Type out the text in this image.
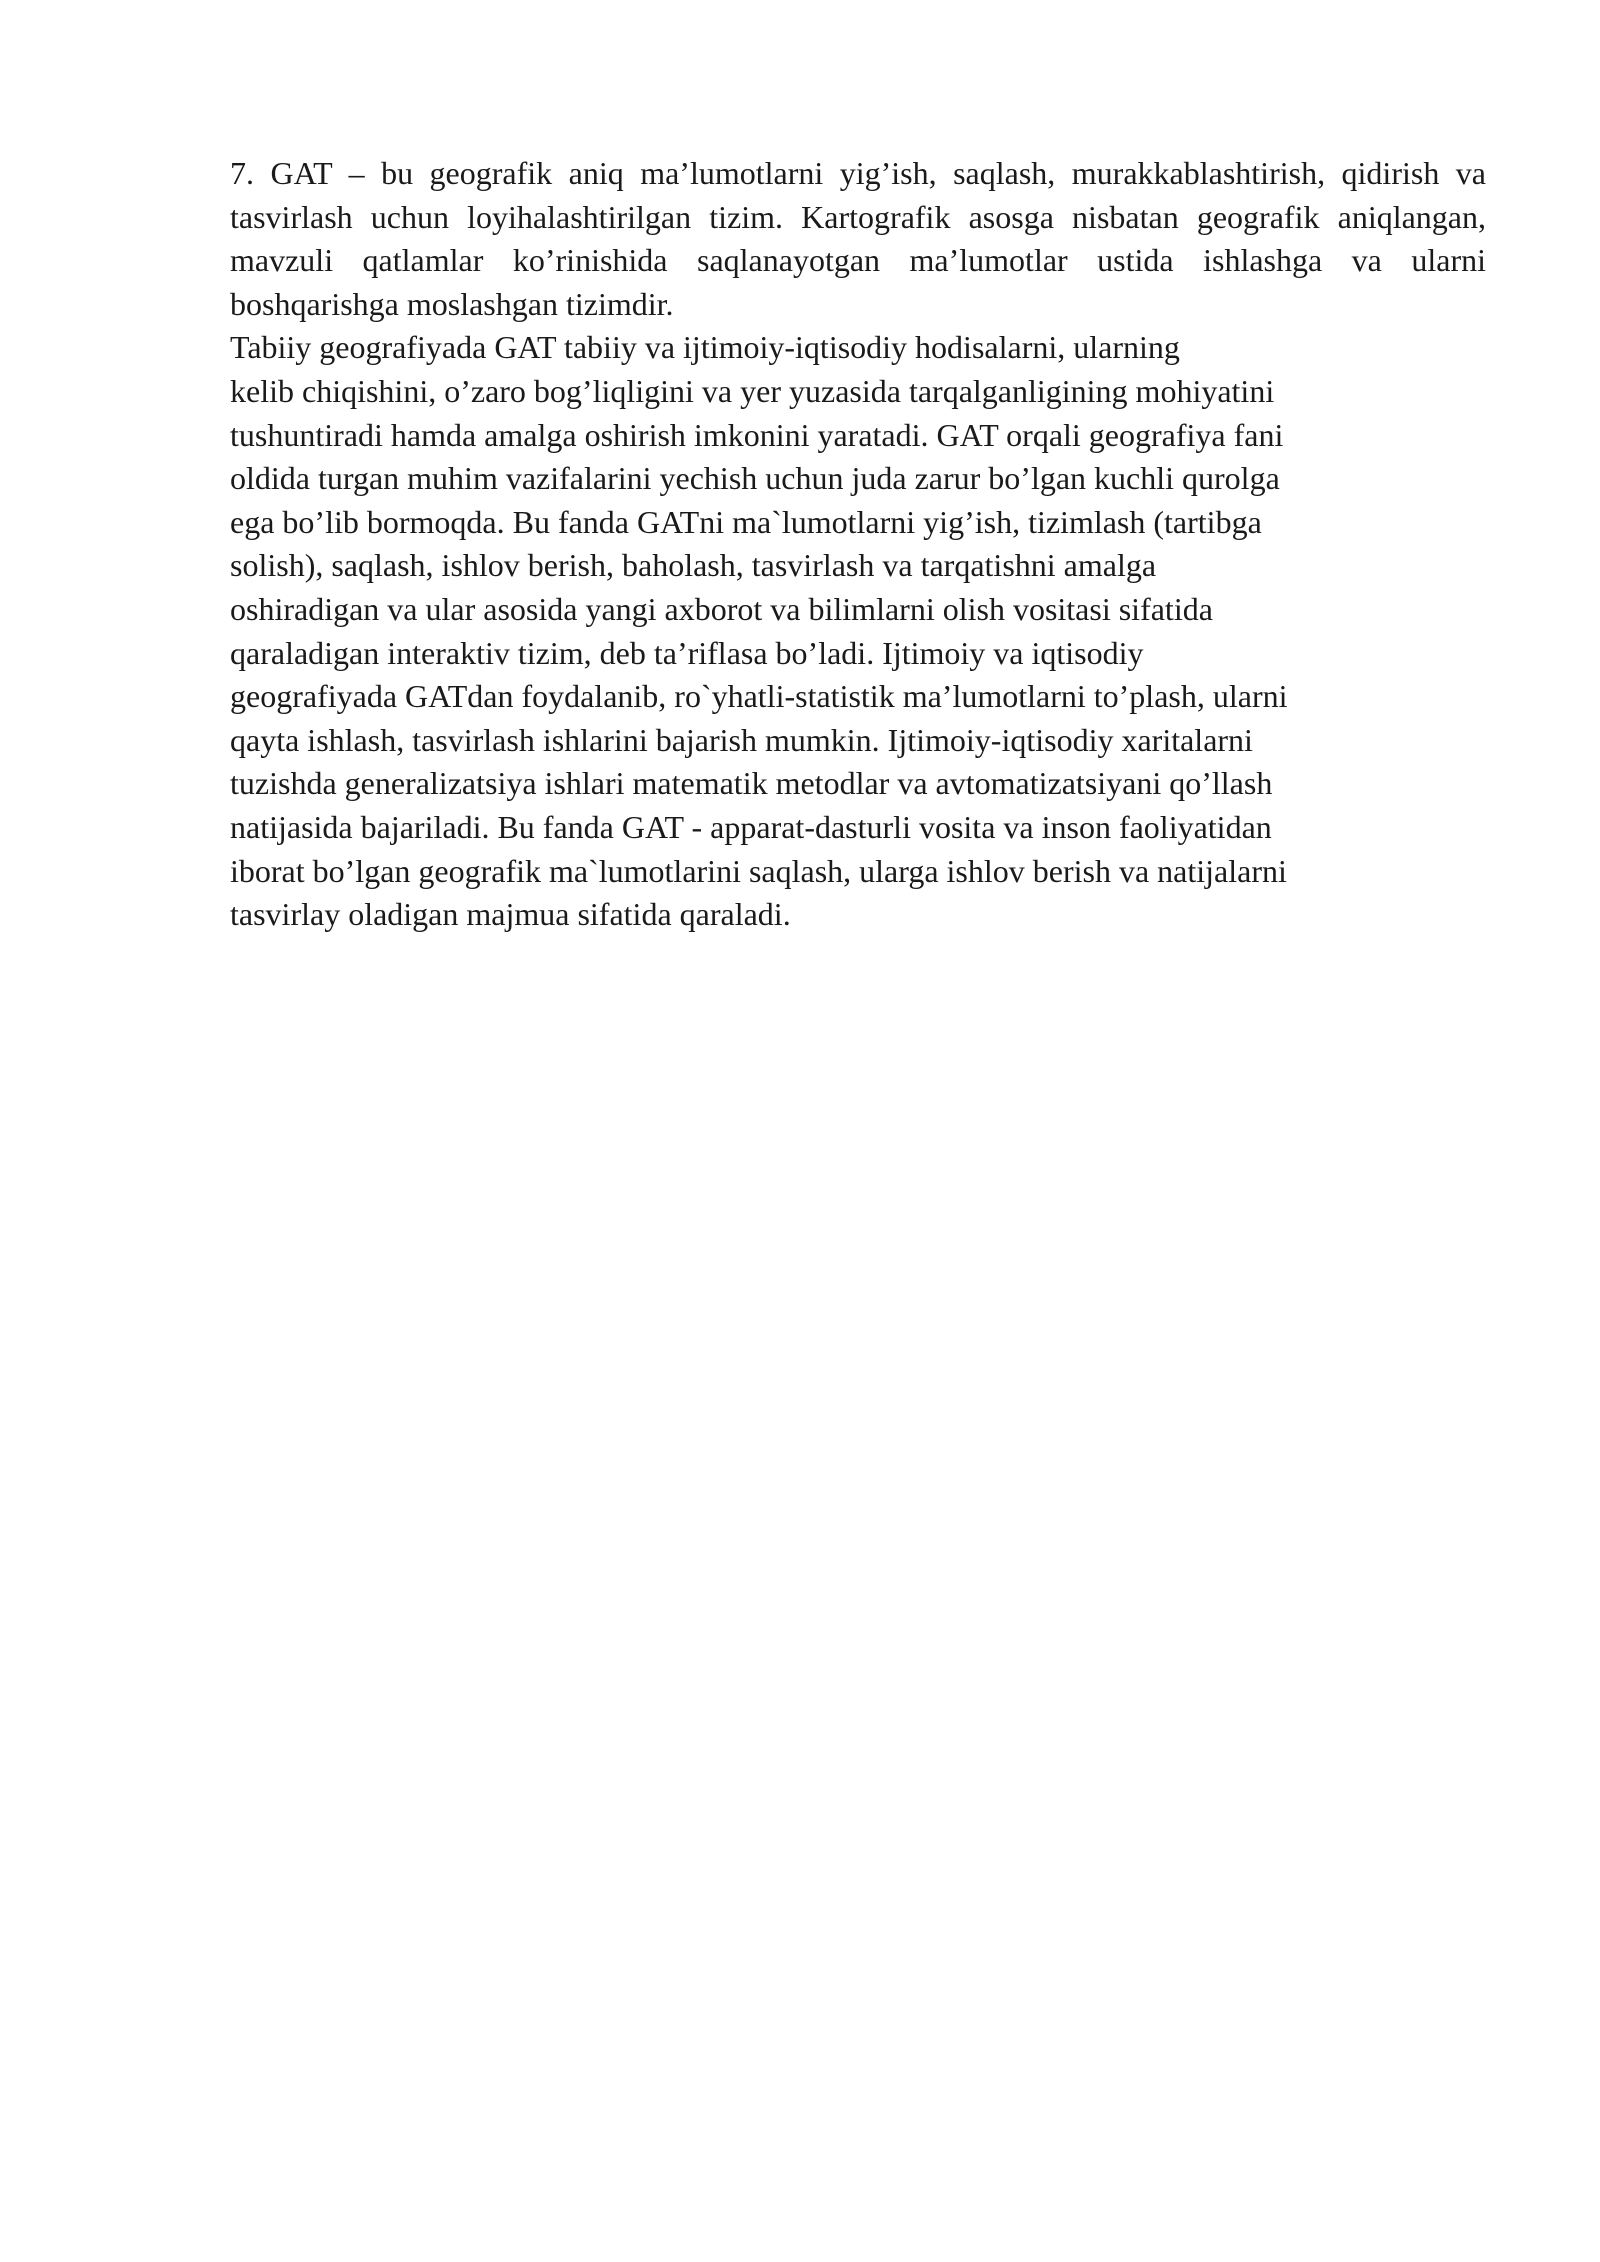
7. GAT – bu geografik aniq ma’lumotlarni yig’ish, saqlash, murakkablashtirish, qidirish va tasvirlash uchun loyihalashtirilgan tizim. Kartografik asosga nisbatan geografik aniqlangan, mavzuli qatlamlar ko’rinishida saqlanayotgan ma’lumotlar ustida ishlashga va ularni boshqarishga moslashgan tizimdir.

Tabiiy geografiyada GAT tabiiy va ijtimoiy-iqtisodiy hodisalarni, ularning
kelib chiqishini, o’zaro bog’liqligini va yer yuzasida tarqalganligining mohiyatini
tushuntiradi hamda amalga oshirish imkonini yaratadi. GAT orqali geografiya fani
oldida turgan muhim vazifalarini yechish uchun juda zarur bo’lgan kuchli qurolga
ega bo’lib bormoqda. Bu fanda GATni ma`lumotlarni yig’ish, tizimlash (tartibga
solish), saqlash, ishlov berish, baholash, tasvirlash va tarqatishni amalga
oshiradigan va ular asosida yangi axborot va bilimlarni olish vositasi sifatida
qaraladigan interaktiv tizim, deb ta’riflasa bo’ladi. Ijtimoiy va iqtisodiy
geografiyada GATdan foydalanib, ro`yhatli-statistik ma’lumotlarni to’plash, ularni
qayta ishlash, tasvirlash ishlarini bajarish mumkin. Ijtimoiy-iqtisodiy xaritalarni
tuzishda generalizatsiya ishlari matematik metodlar va avtomatizatsiyani qo’llash
natijasida bajariladi. Bu fanda GAT - apparat-dasturli vosita va inson faoliyatidan
iborat bo’lgan geografik ma`lumotlarini saqlash, ularga ishlov berish va natijalarni
tasvirlay oladigan majmua sifatida qaraladi.
